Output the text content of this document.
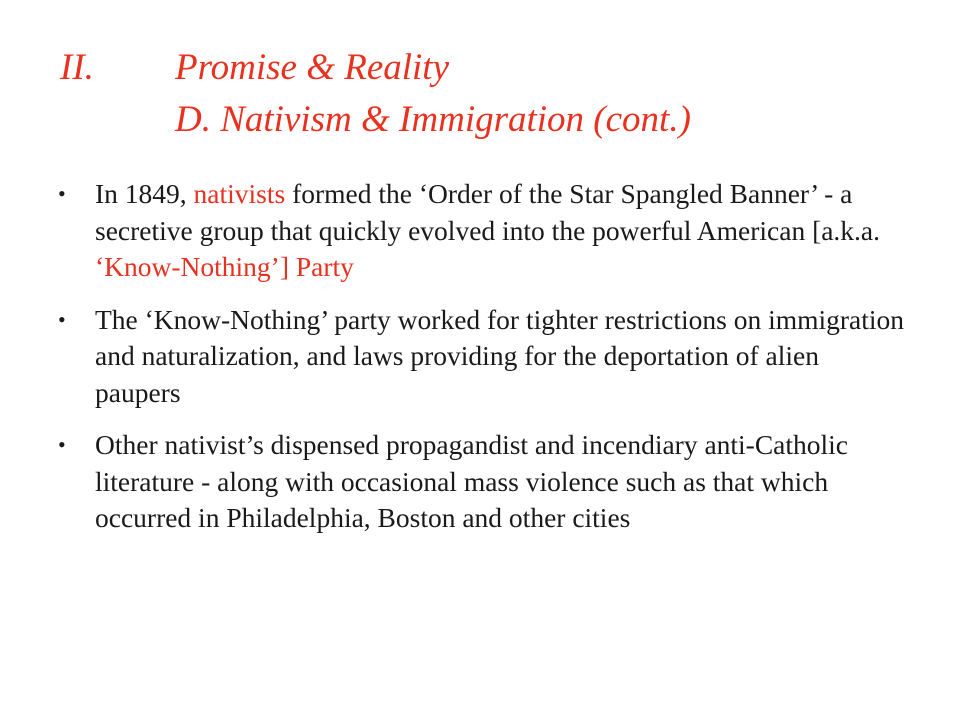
II.	Promise & Reality
D. Nativism & Immigration (cont.)
•	In 1849, nativists formed the ‘Order of the Star Spangled Banner’ - a secretive group that quickly evolved into the powerful American [a.k.a. ‘Know-Nothing’] Party
•	The ‘Know-Nothing’ party worked for tighter restrictions on immigration and naturalization, and laws providing for the deportation of alien paupers
•	Other nativist’s dispensed propagandist and incendiary anti-Catholic literature - along with occasional mass violence such as that which occurred in Philadelphia, Boston and other cities
